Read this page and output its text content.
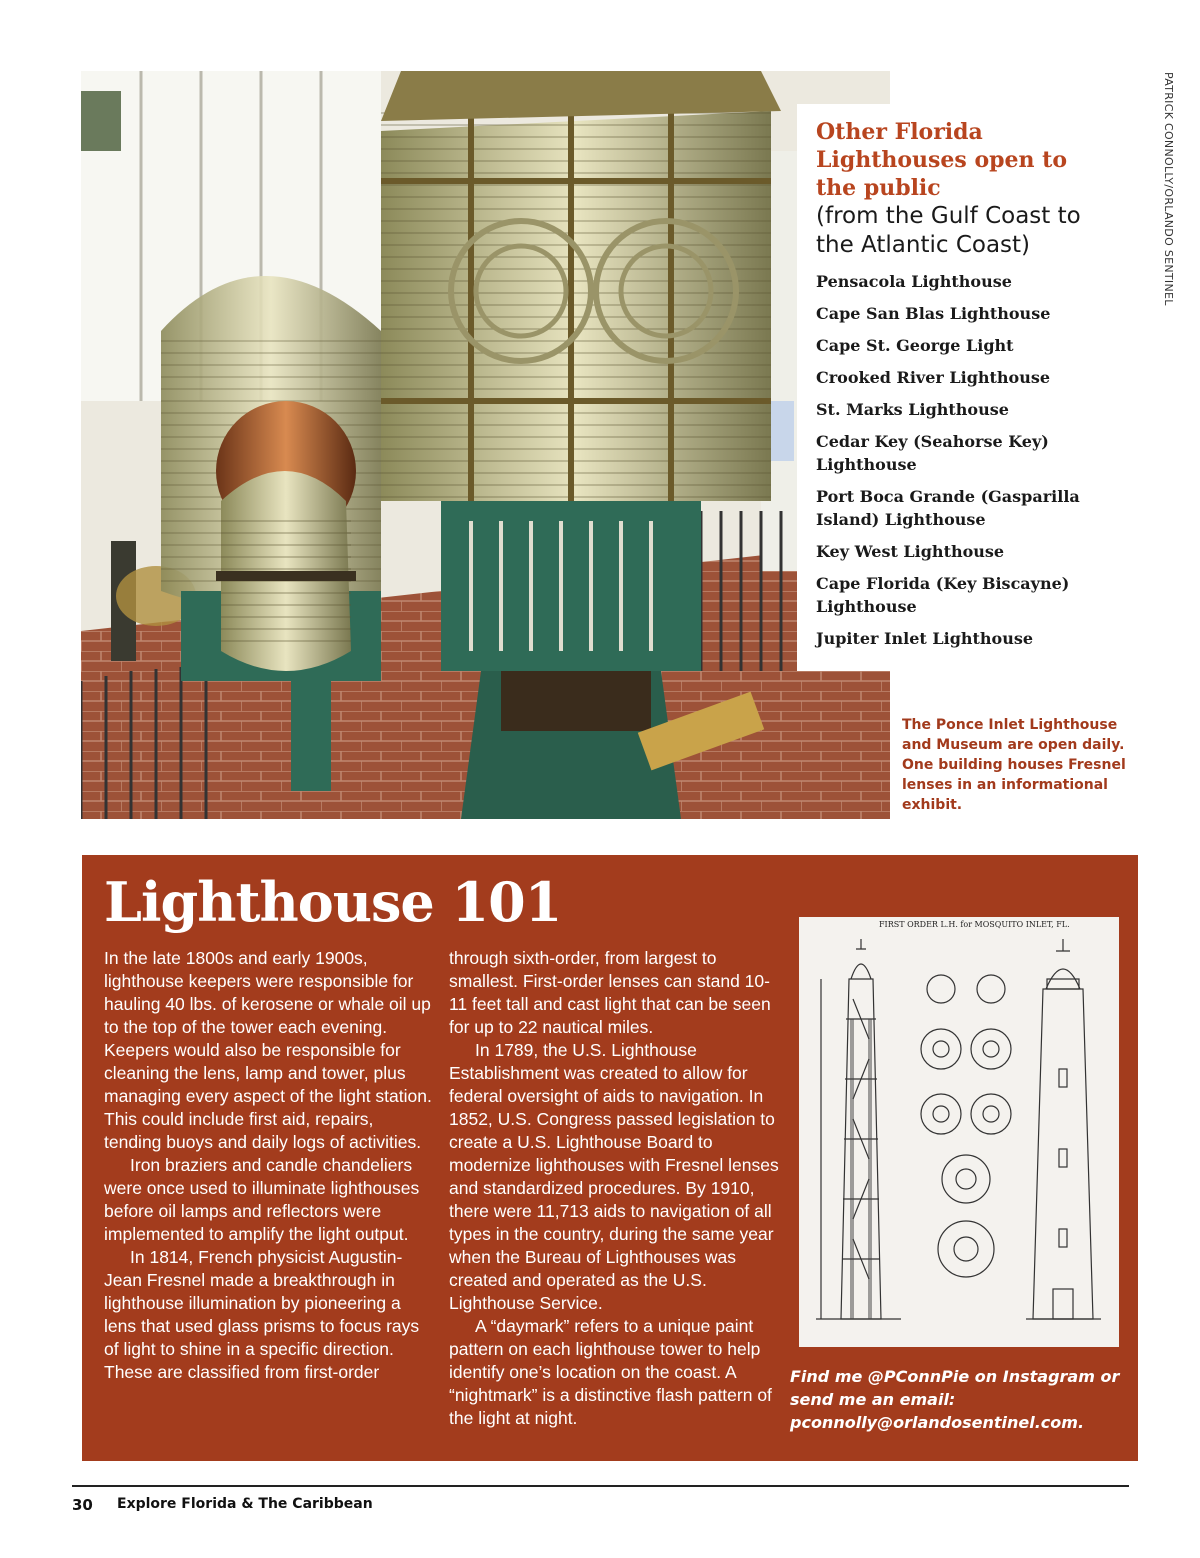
Other Florida Lighthouses open to the public

(from the Gulf Coast to the Atlantic Coast)

Pensacola Lighthouse
Cape San Blas Lighthouse
Cape St. George Light
Crooked River Lighthouse
St. Marks Lighthouse
Cedar Key (Seahorse Key) Lighthouse
Port Boca Grande (Gasparilla Island) Lighthouse
Key West Lighthouse
Cape Florida (Key Biscayne) Lighthouse
Jupiter Inlet Lighthouse
PATRICK CONNOLLY/ORLANDO SENTINEL
The Ponce Inlet Lighthouse and Museum are open daily. One building houses Fresnel lenses in an informational exhibit.
Lighthouse 101

In the late 1800s and early 1900s, lighthouse keepers were responsible for hauling 40 lbs. of kerosene or whale oil up to the top of the tower each evening. Keepers would also be responsible for cleaning the lens, lamp and tower, plus managing every aspect of the light station. This could include first aid, repairs, tending buoys and daily logs of activities.

Iron braziers and candle chandeliers were once used to illuminate lighthouses before oil lamps and reflectors were implemented to amplify the light output.

In 1814, French physicist Augustin-Jean Fresnel made a breakthrough in lighthouse illumination by pioneering a lens that used glass prisms to focus rays of light to shine in a specific direction. These are classified from first-order

through sixth-order, from largest to smallest. First-order lenses can stand 10-11 feet tall and cast light that can be seen for up to 22 nautical miles.

In 1789, the U.S. Lighthouse Establishment was created to allow for federal oversight of aids to navigation. In 1852, U.S. Congress passed legislation to create a U.S. Lighthouse Board to modernize lighthouses with Fresnel lenses and standardized procedures. By 1910, there were 11,713 aids to navigation of all types in the country, during the same year when the Bureau of Lighthouses was created and operated as the U.S. Lighthouse Service.

A “daymark” refers to a unique paint pattern on each lighthouse tower to help identify one’s location on the coast. A “nightmark” is a distinctive flash pattern of the light at night.

FIRST ORDER L.H. for MOSQUITO INLET, FL.
Find me @PConnPie on Instagram or send me an email: pconnolly@orlandosentinel.com.
30 Explore Florida & The Caribbean
